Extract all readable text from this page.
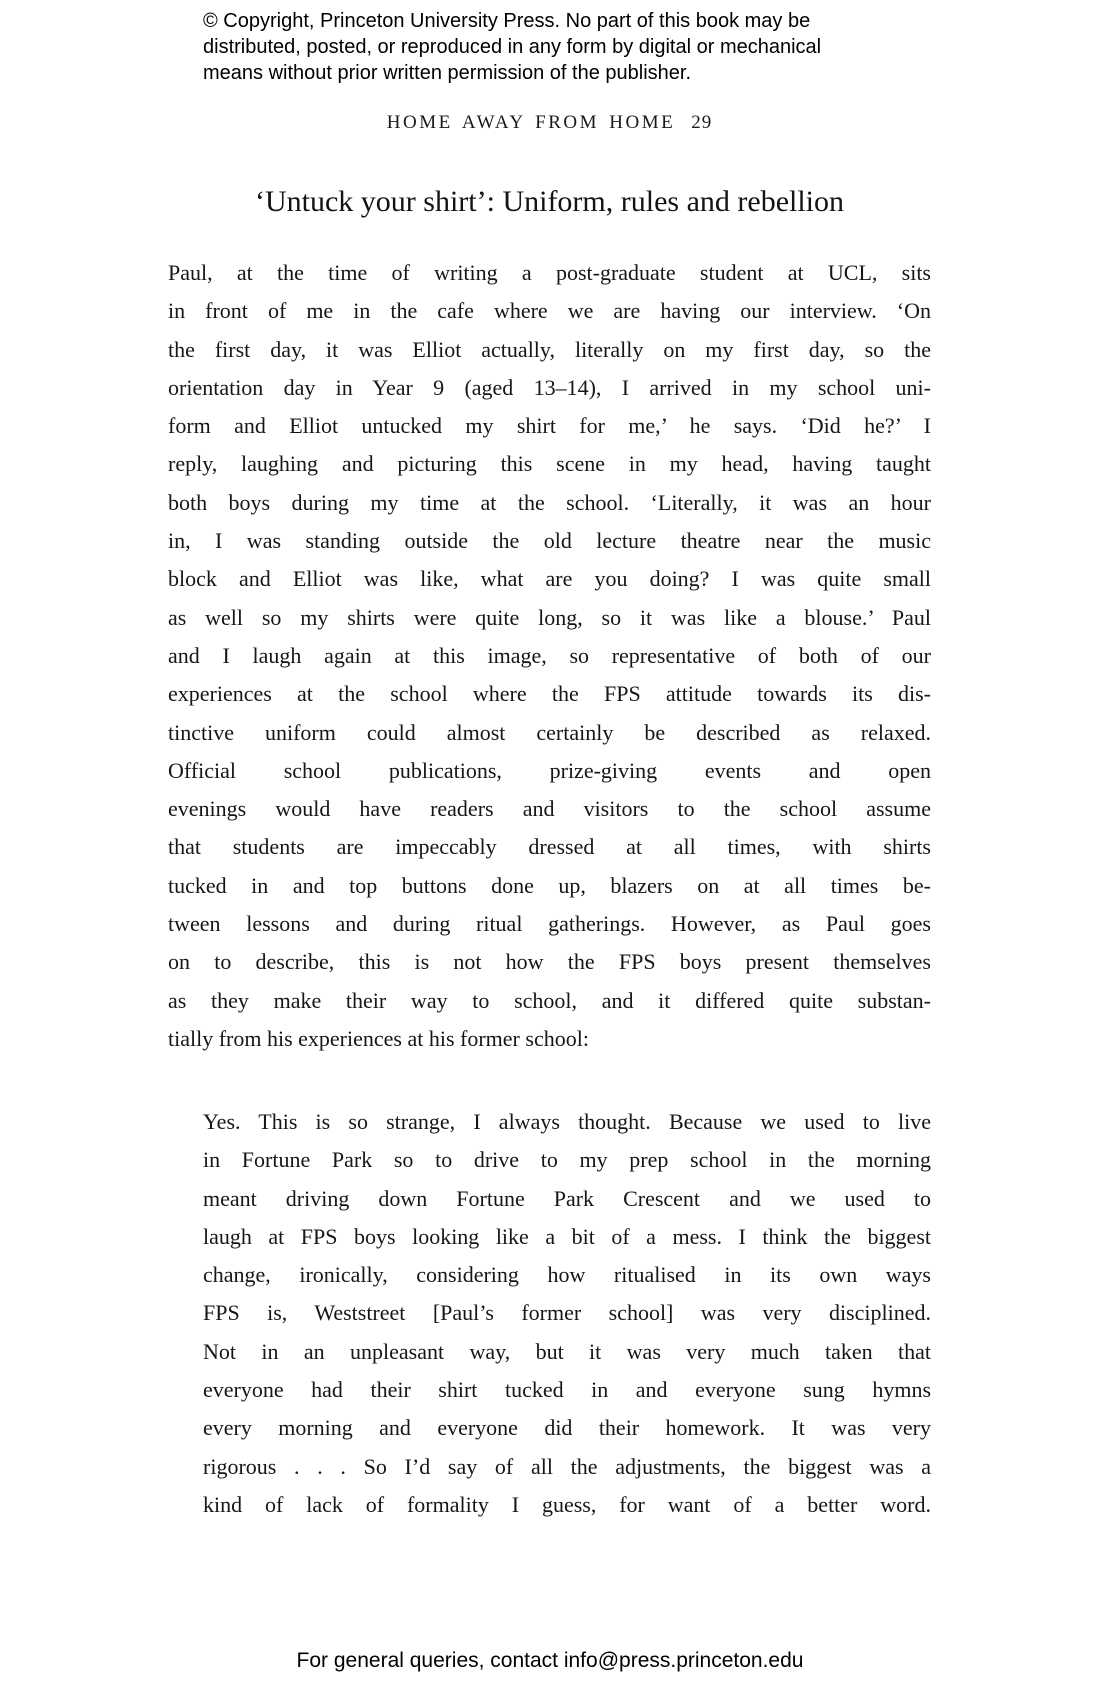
© Copyright, Princeton University Press. No part of this book may be
distributed, posted, or reproduced in any form by digital or mechanical
means without prior written permission of the publisher.
HOME AWAY FROM HOME 29
‘Untuck your shirt’: Uniform, rules and rebellion
Paul, at the time of writing a post-graduate student at UCL, sits
in front of me in the cafe where we are having our interview. ‘On
the first day, it was Elliot actually, literally on my first day, so the
orientation day in Year 9 (aged 13–14), I arrived in my school uni-
form and Elliot untucked my shirt for me,’ he says. ‘Did he?’ I
reply, laughing and picturing this scene in my head, having taught
both boys during my time at the school. ‘Literally, it was an hour
in, I was standing outside the old lecture theatre near the music
block and Elliot was like, what are you doing? I was quite small
as well so my shirts were quite long, so it was like a blouse.’ Paul
and I laugh again at this image, so representative of both of our
experiences at the school where the FPS attitude towards its dis-
tinctive uniform could almost certainly be described as relaxed.
Official school publications, prize-giving events and open
evenings would have readers and visitors to the school assume
that students are impeccably dressed at all times, with shirts
tucked in and top buttons done up, blazers on at all times be-
tween lessons and during ritual gatherings. However, as Paul goes
on to describe, this is not how the FPS boys present themselves
as they make their way to school, and it differed quite substan-
tially from his experiences at his former school:
Yes. This is so strange, I always thought. Because we used to live
in Fortune Park so to drive to my prep school in the morning
meant driving down Fortune Park Crescent and we used to
laugh at FPS boys looking like a bit of a mess. I think the biggest
change, ironically, considering how ritualised in its own ways
FPS is, Weststreet [Paul’s former school] was very disciplined.
Not in an unpleasant way, but it was very much taken that
everyone had their shirt tucked in and everyone sung hymns
every morning and everyone did their homework. It was very
rigorous . . . So I’d say of all the adjustments, the biggest was a
kind of lack of formality I guess, for want of a better word.
For general queries, contact info@press.princeton.edu
